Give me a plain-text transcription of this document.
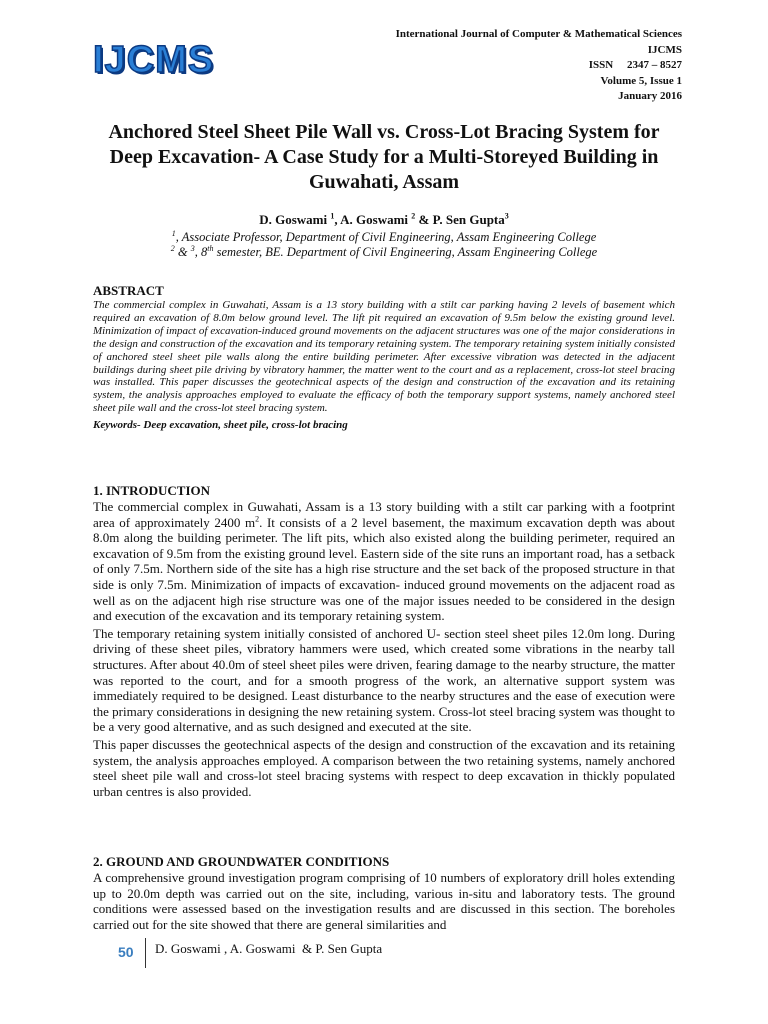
IJCMS
International Journal of Computer & Mathematical Sciences
IJCMS
ISSN     2347 – 8527
Volume 5, Issue 1
January 2016
Anchored Steel Sheet Pile Wall vs. Cross-Lot Bracing System for Deep Excavation- A Case Study for a Multi-Storeyed Building in Guwahati, Assam
D. Goswami $^1$, A. Goswami $^2$ & P. Sen Gupta$^3$
$^1$, Associate Professor, Department of Civil Engineering, Assam Engineering College
$^2$ & $^3$, 8th semester, BE. Department of Civil Engineering, Assam Engineering College
ABSTRACT

The commercial complex in Guwahati, Assam is a 13 story building with a stilt car parking having 2 levels of basement which required an excavation of 8.0m below ground level. The lift pit required an excavation of 9.5m below the existing ground level. Minimization of impact of excavation-induced ground movements on the adjacent structures was one of the major considerations in the design and construction of the excavation and its temporary retaining system. The temporary retaining system initially consisted of anchored steel sheet pile walls along the entire building perimeter. After excessive vibration was detected in the adjacent buildings during sheet pile driving by vibratory hammer, the matter went to the court and as a replacement, cross-lot steel bracing was installed. This paper discusses the geotechnical aspects of the design and construction of the excavation and its retaining system, the analysis approaches employed to evaluate the efficacy of both the temporary support systems, namely anchored steel sheet pile wall and the cross-lot steel bracing system.

Keywords- Deep excavation, sheet pile, cross-lot bracing

1. INTRODUCTION

The commercial complex in Guwahati, Assam is a 13 story building with a stilt car parking with a footprint area of approximately 2400 $m^2$. It consists of a 2 level basement, the maximum excavation depth was about 8.0m along the building perimeter. The lift pits, which also existed along the building perimeter, required an excavation of 9.5m from the existing ground level. Eastern side of the site runs an important road, has a setback of only 7.5m. Northern side of the site has a high rise structure and the set back of the proposed structure in that side is only 7.5m. Minimization of impacts of excavation- induced ground movements on the adjacent road as well as on the adjacent high rise structure was one of the major issues needed to be considered in the design and execution of the excavation and its temporary retaining system.

The temporary retaining system initially consisted of anchored U- section steel sheet piles 12.0m long. During driving of these sheet piles, vibratory hammers were used, which created some vibrations in the nearby tall structures. After about 40.0m of steel sheet piles were driven, fearing damage to the nearby structure, the matter was reported to the court, and for a smooth progress of the work, an alternative support system was immediately required to be designed. Least disturbance to the nearby structures and the ease of execution were the primary considerations in designing the new retaining system. Cross-lot steel bracing system was thought to be a very good alternative, and as such designed and executed at the site.

This paper discusses the geotechnical aspects of the design and construction of the excavation and its retaining system, the analysis approaches employed. A comparison between the two retaining systems, namely anchored steel sheet pile wall and cross-lot steel bracing systems with respect to deep excavation in thickly populated urban centres is also provided.

2. GROUND AND GROUNDWATER CONDITIONS

A comprehensive ground investigation program comprising of 10 numbers of exploratory drill holes extending up to 20.0m depth was carried out on the site, including, various in-situ and laboratory tests. The ground conditions were assessed based on the investigation results and are discussed in this section. The boreholes carried out for the site showed that there are general similarities and

50 D. Goswami , A. Goswami  & P. Sen Gupta
